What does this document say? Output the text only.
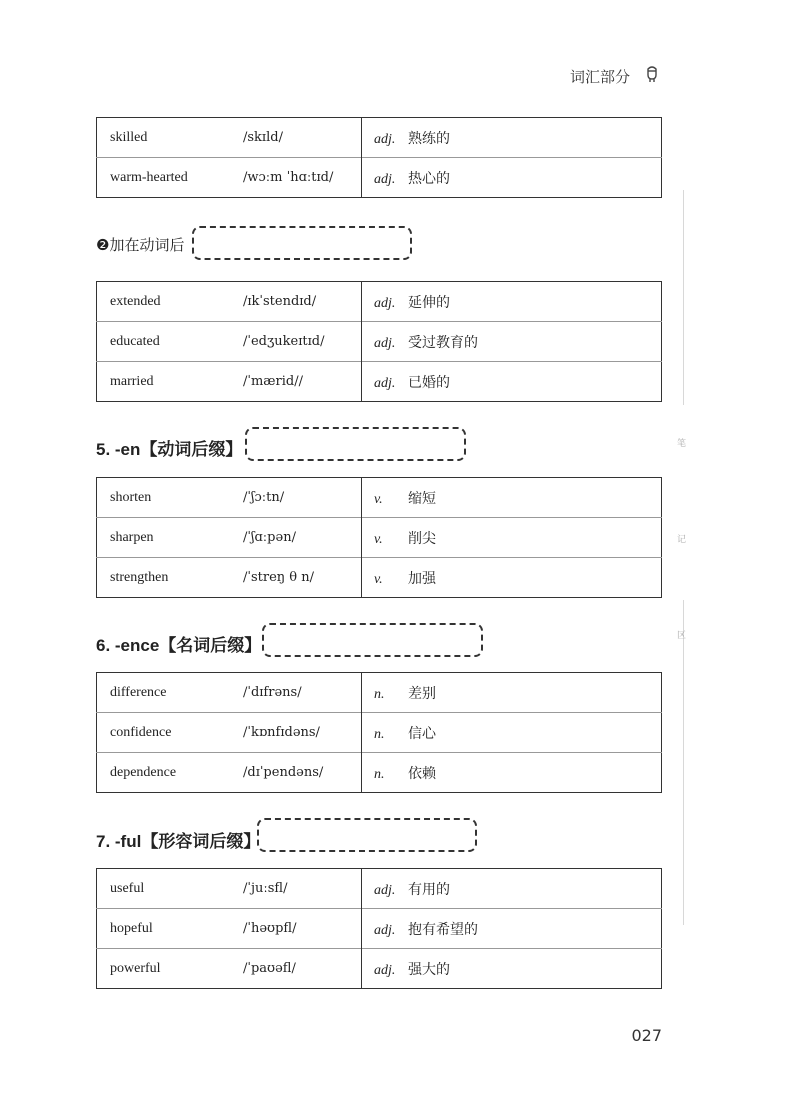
词汇部分
笔
记
区
skilled	/skɪld/	adj. 熟练的
warm-hearted	/wɔːm ˈhɑːtɪd/	adj. 热心的
❷加在动词后
extended	/ɪkˈstendɪd/	adj. 延伸的
educated	/ˈedʒukeɪtɪd/	adj. 受过教育的
married	/ˈmærid//	adj. 已婚的
5. -en【动词后缀】
shorten	/ˈʃɔːtn/	v. 缩短
sharpen	/ˈʃɑːpən/	v. 削尖
strengthen	/ˈstreŋ θ n/	v. 加强
6. -ence【名词后缀】
difference	/ˈdɪfrəns/	n. 差别
confidence	/ˈkɒnfɪdəns/	n. 信心
dependence	/dɪˈpendəns/	n. 依赖
7. -ful【形容词后缀】
useful	/ˈjuːsfl/	adj. 有用的
hopeful	/ˈhəʊpfl/	adj. 抱有希望的
powerful	/ˈpaʊəfl/	adj. 强大的
027
